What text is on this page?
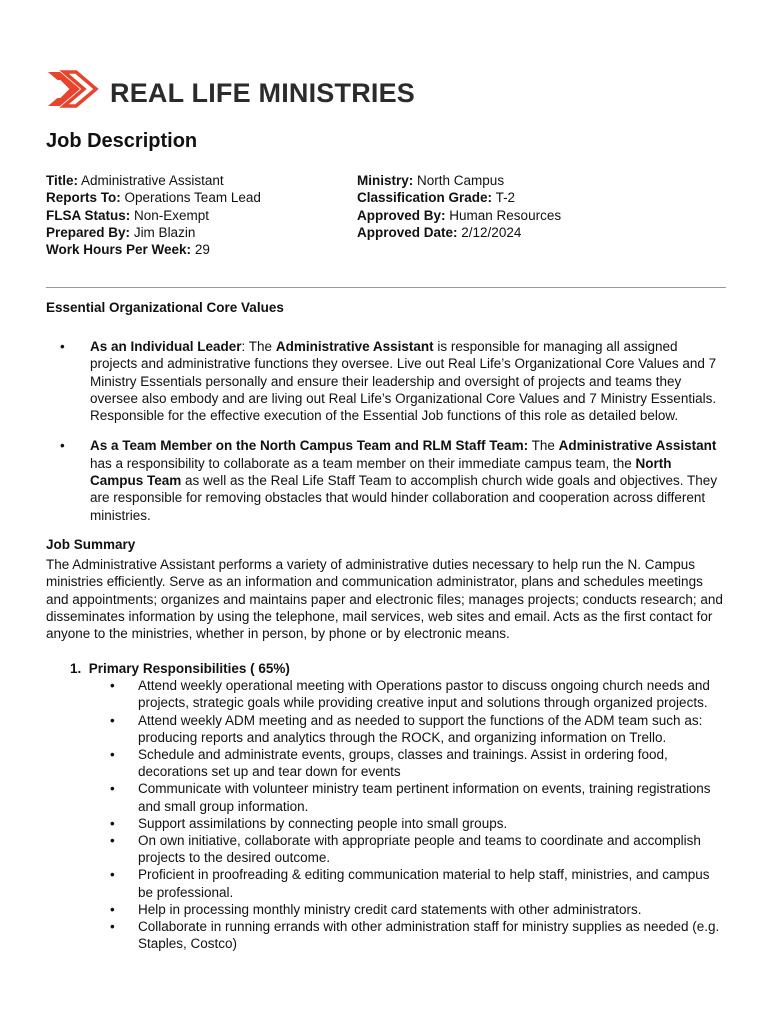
REAL LIFE MINISTRIES
Job Description
Title: Administrative Assistant
Reports To: Operations Team Lead
FLSA Status: Non-Exempt
Prepared By: Jim Blazin
Work Hours Per Week: 29
Ministry: North Campus
Classification Grade: T-2
Approved By: Human Resources
Approved Date: 2/12/2024
Essential Organizational Core Values
• As an Individual Leader: The Administrative Assistant is responsible for managing all assigned projects and administrative functions they oversee. Live out Real Life’s Organizational Core Values and 7 Ministry Essentials personally and ensure their leadership and oversight of projects and teams they oversee also embody and are living out Real Life’s Organizational Core Values and 7 Ministry Essentials. Responsible for the effective execution of the Essential Job functions of this role as detailed below.
• As a Team Member on the North Campus Team and RLM Staff Team: The Administrative Assistant has a responsibility to collaborate as a team member on their immediate campus team, the North Campus Team as well as the Real Life Staff Team to accomplish church wide goals and objectives. They are responsible for removing obstacles that would hinder collaboration and cooperation across different ministries.
Job Summary
The Administrative Assistant performs a variety of administrative duties necessary to help run the N. Campus ministries efficiently. Serve as an information and communication administrator, plans and schedules meetings and appointments; organizes and maintains paper and electronic files; manages projects; conducts research; and disseminates information by using the telephone, mail services, web sites and email. Acts as the first contact for anyone to the ministries, whether in person, by phone or by electronic means.
1. Primary Responsibilities ( 65%)
• Attend weekly operational meeting with Operations pastor to discuss ongoing church needs and projects, strategic goals while providing creative input and solutions through organized projects.
• Attend weekly ADM meeting and as needed to support the functions of the ADM team such as: producing reports and analytics through the ROCK, and organizing information on Trello.
• Schedule and administrate events, groups, classes and trainings. Assist in ordering food, decorations set up and tear down for events
• Communicate with volunteer ministry team pertinent information on events, training registrations and small group information.
• Support assimilations by connecting people into small groups.
• On own initiative, collaborate with appropriate people and teams to coordinate and accomplish projects to the desired outcome.
• Proficient in proofreading & editing communication material to help staff, ministries, and campus be professional.
• Help in processing monthly ministry credit card statements with other administrators.
• Collaborate in running errands with other administration staff for ministry supplies as needed (e.g. Staples, Costco)
